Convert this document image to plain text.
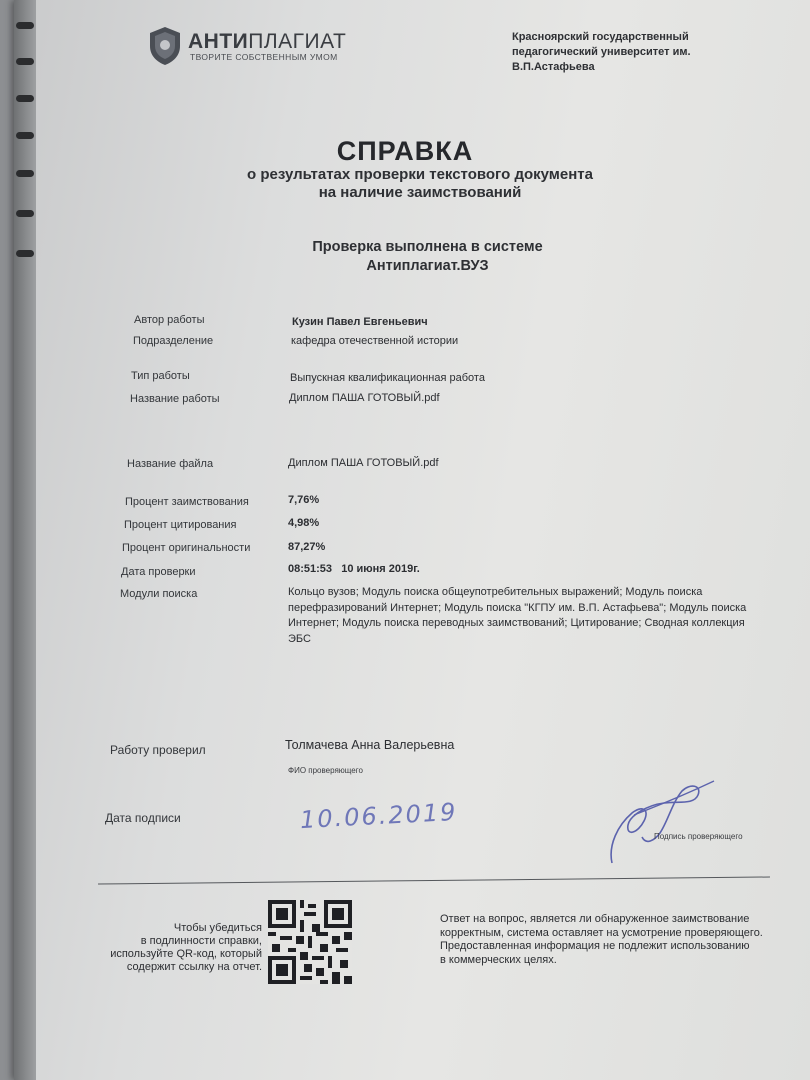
АНТИПЛАГИАТ
ТВОРИТЕ СОБСТВЕННЫМ УМОМ
Красноярский государственный
педагогический университет им.
В.П.Астафьева
СПРАВКА
о результатах проверки текстового документа
на наличие заимствований
Проверка выполнена в системе
Антиплагиат.ВУЗ
Автор работы	Кузин Павел Евгеньевич
Подразделение	кафедра отечественной истории
Тип работы	Выпускная квалификационная работа
Название работы	Диплом ПАША ГОТОВЫЙ.pdf
Название файла	Диплом ПАША ГОТОВЫЙ.pdf
Процент заимствования	7,76%
Процент цитирования	4,98%
Процент оригинальности	87,27%
Дата проверки	08:51:53 10 июня 2019г.
Модули поиска	Кольцо вузов; Модуль поиска общеупотребительных выражений; Модуль поиска перефразирований Интернет; Модуль поиска "КГПУ им. В.П. Астафьева"; Модуль поиска Интернет; Модуль поиска переводных заимствований; Цитирование; Сводная коллекция ЭБС
Работу проверил	Толмачева Анна Валерьевна
ФИО проверяющего
Дата подписи	10.06.2019
Подпись проверяющего
Чтобы убедиться
в подлинности справки,
используйте QR-код, который
содержит ссылку на отчет.
Ответ на вопрос, является ли обнаруженное заимствование
корректным, система оставляет на усмотрение проверяющего.
Предоставленная информация не подлежит использованию
в коммерческих целях.
